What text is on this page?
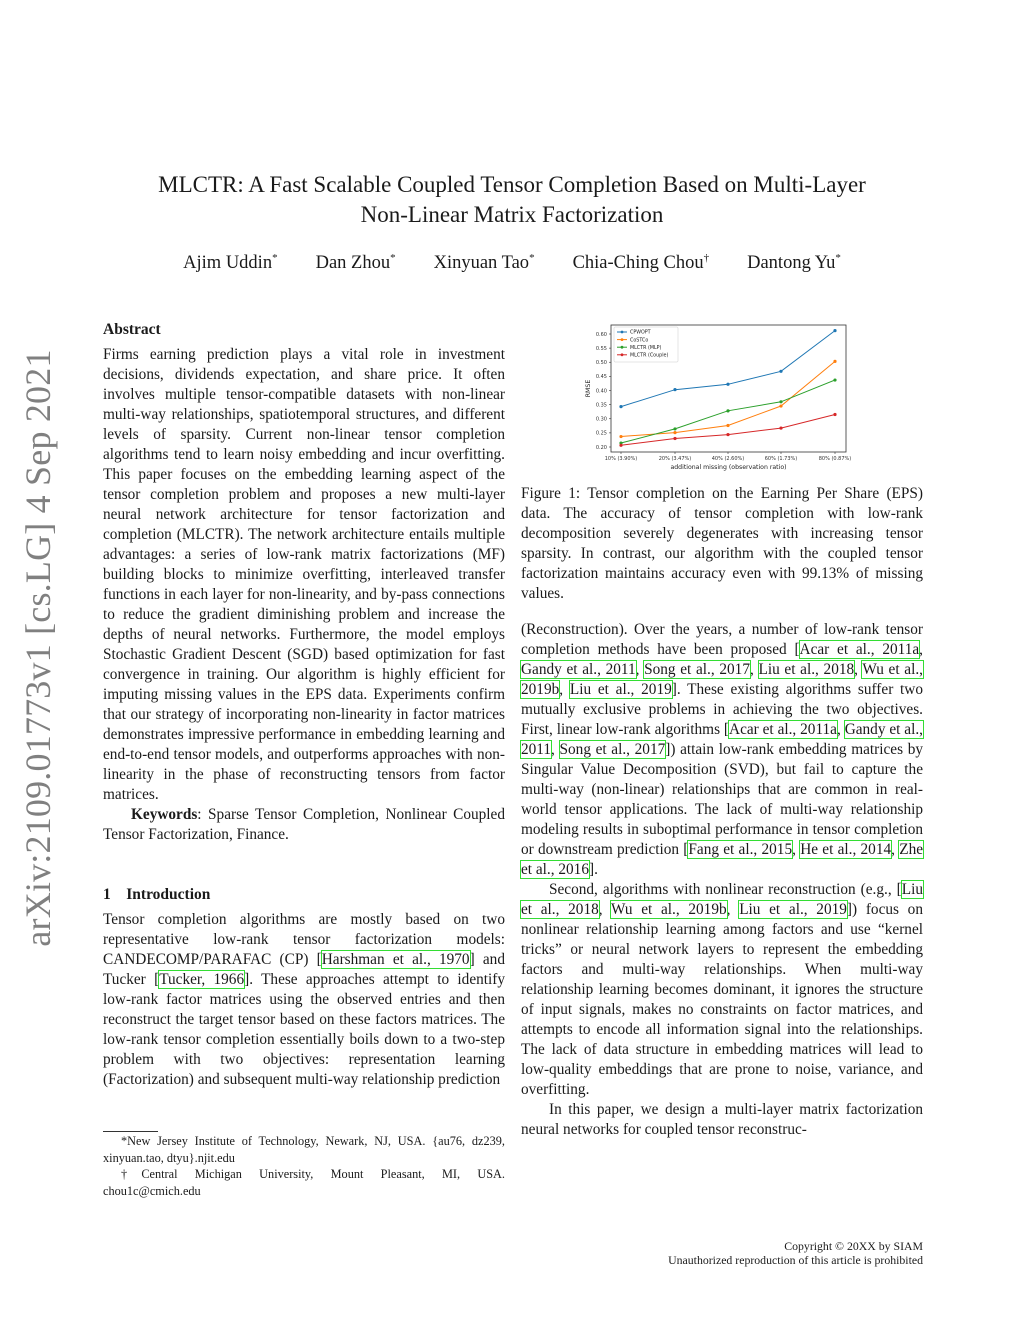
arXiv:2109.01773v1 [cs.LG] 4 Sep 2021
MLCTR: A Fast Scalable Coupled Tensor Completion Based on Multi-Layer
Non-Linear Matrix Factorization
Ajim Uddin* Dan Zhou* Xinyuan Tao* Chia-Ching Chou† Dantong Yu*
Abstract

Firms earning prediction plays a vital role in investment decisions, dividends expectation, and share price. It often involves multiple tensor-compatible datasets with non-linear multi-way relationships, spatiotemporal structures, and different levels of sparsity. Current non-linear tensor completion algorithms tend to learn noisy embedding and incur overfitting. This paper focuses on the embedding learning aspect of the tensor completion problem and proposes a new multi-layer neural network architecture for tensor factorization and completion (MLCTR). The network architecture entails multiple advantages: a series of low-rank matrix factorizations (MF) building blocks to minimize overfitting, interleaved transfer functions in each layer for non-linearity, and by-pass connections to reduce the gradient diminishing problem and increase the depths of neural networks. Furthermore, the model employs Stochastic Gradient Descent (SGD) based optimization for fast convergence in training. Our algorithm is highly efficient for imputing missing values in the EPS data. Experiments confirm that our strategy of incorporating non-linearity in factor matrices demonstrates impressive performance in embedding learning and end-to-end tensor models, and outperforms approaches with non-linearity in the phase of reconstructing tensors from factor matrices.

Keywords: Sparse Tensor Completion, Nonlinear Coupled Tensor Factorization, Finance.

1    Introduction

Tensor completion algorithms are mostly based on two representative low-rank tensor factorization models: CANDECOMP/PARAFAC (CP) [Harshman et al., 1970] and Tucker [Tucker, 1966]. These approaches attempt to identify low-rank factor matrices using the observed entries and then reconstruct the target tensor based on these factors matrices. The low-rank tensor completion essentially boils down to a two-step problem with two objectives: representation learning (Factorization) and subsequent multi-way relationship prediction

*New Jersey Institute of Technology, Newark, NJ, USA. {au76, dz239, xinyuan.tao, dtyu}.njit.edu

†Central Michigan University, Mount Pleasant, MI, USA. chou1c@cmich.edu

0.20
0.25
0.30
0.35
0.40
0.45
0.50
0.55
0.60
10% (3.90%)	20% (3.47%)	40% (2.60%)	60% (1.73%)	80% (0.87%)
additional missing (observation ratio)
RMSE
CPWOPT
CoSTCo
MLCTR (MLP)
MLCTR (Couple)
Figure 1: Tensor completion on the Earning Per Share (EPS) data. The accuracy of tensor completion with low-rank decomposition severely degenerates with increasing tensor sparsity. In contrast, our algorithm with the coupled tensor factorization maintains accuracy even with 99.13% of missing values.

(Reconstruction). Over the years, a number of low-rank tensor completion methods have been proposed [Acar et al., 2011a, Gandy et al., 2011, Song et al., 2017, Liu et al., 2018, Wu et al., 2019b, Liu et al., 2019]. These existing algorithms suffer two mutually exclusive problems in achieving the two objectives. First, linear low-rank algorithms [Acar et al., 2011a, Gandy et al., 2011, Song et al., 2017]) attain low-rank embedding matrices by Singular Value Decomposition (SVD), but fail to capture the multi-way (non-linear) relationships that are common in real-world tensor applications. The lack of multi-way relationship modeling results in suboptimal performance in tensor completion or downstream prediction [Fang et al., 2015, He et al., 2014, Zhe et al., 2016].

Second, algorithms with nonlinear reconstruction (e.g., [Liu et al., 2018, Wu et al., 2019b, Liu et al., 2019]) focus on nonlinear relationship learning among factors and use “kernel tricks” or neural network layers to represent the embedding factors and multi-way relationships. When multi-way relationship learning becomes dominant, it ignores the structure of input signals, makes no constraints on factor matrices, and attempts to encode all information signal into the relationships. The lack of data structure in embedding matrices will lead to low-quality embeddings that are prone to noise, variance, and overfitting.

In this paper, we design a multi-layer matrix factorization neural networks for coupled tensor reconstruc-

Copyright © 20XX by SIAM
Unauthorized reproduction of this article is prohibited
